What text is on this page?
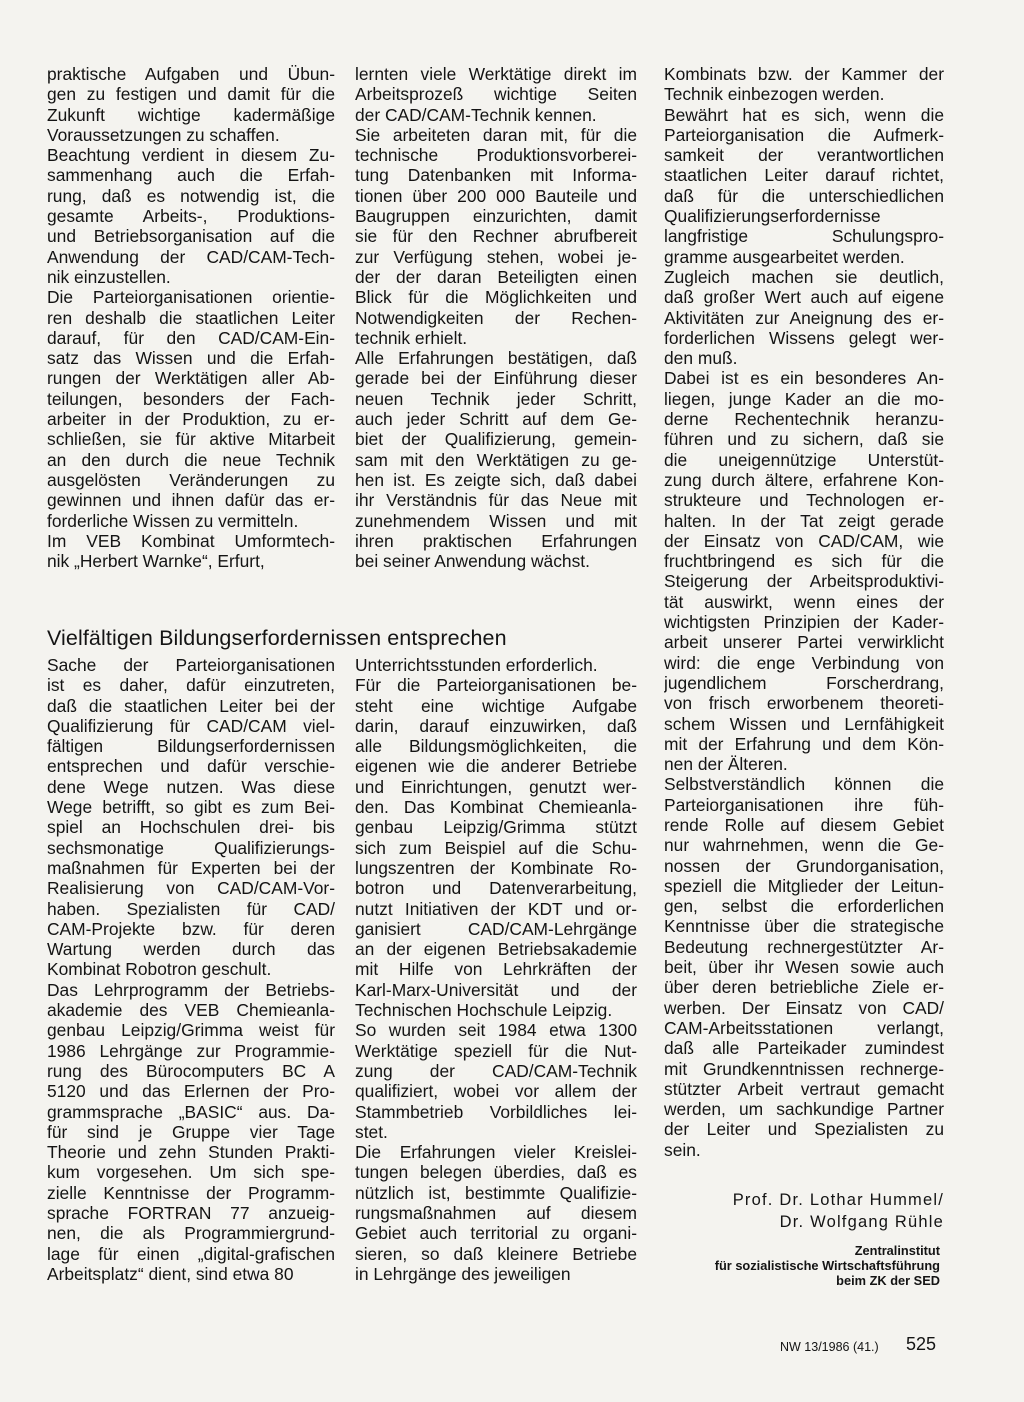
praktische Aufgaben und Übun-
gen zu festigen und damit für die
Zukunft wichtige kadermäßige
Voraussetzungen zu schaffen.
Beachtung verdient in diesem Zu-
sammenhang auch die Erfah-
rung, daß es notwendig ist, die
gesamte Arbeits-, Produktions-
und Betriebsorganisation auf die
Anwendung der CAD/CAM-Tech-
nik einzustellen.
Die Parteiorganisationen orientie-
ren deshalb die staatlichen Leiter
darauf, für den CAD/CAM-Ein-
satz das Wissen und die Erfah-
rungen der Werktätigen aller Ab-
teilungen, besonders der Fach-
arbeiter in der Produktion, zu er-
schließen, sie für aktive Mitarbeit
an den durch die neue Technik
ausgelösten Veränderungen zu
gewinnen und ihnen dafür das er-
forderliche Wissen zu vermitteln.
Im VEB Kombinat Umformtech-
nik „Herbert Warnke“, Erfurt,
lernten viele Werktätige direkt im
Arbeitsprozeß wichtige Seiten
der CAD/CAM-Technik kennen.
Sie arbeiteten daran mit, für die
technische Produktionsvorberei-
tung Datenbanken mit Informa-
tionen über 200 000 Bauteile und
Baugruppen einzurichten, damit
sie für den Rechner abrufbereit
zur Verfügung stehen, wobei je-
der der daran Beteiligten einen
Blick für die Möglichkeiten und
Notwendigkeiten der Rechen-
technik erhielt.
Alle Erfahrungen bestätigen, daß
gerade bei der Einführung dieser
neuen Technik jeder Schritt,
auch jeder Schritt auf dem Ge-
biet der Qualifizierung, gemein-
sam mit den Werktätigen zu ge-
hen ist. Es zeigte sich, daß dabei
ihr Verständnis für das Neue mit
zunehmendem Wissen und mit
ihren praktischen Erfahrungen
bei seiner Anwendung wächst.
Kombinats bzw. der Kammer der
Technik einbezogen werden.
Bewährt hat es sich, wenn die
Parteiorganisation die Aufmerk-
samkeit der verantwortlichen
staatlichen Leiter darauf richtet,
daß für die unterschiedlichen
Qualifizierungserfordernisse
langfristige Schulungspro-
gramme ausgearbeitet werden.
Zugleich machen sie deutlich,
daß großer Wert auch auf eigene
Aktivitäten zur Aneignung des er-
forderlichen Wissens gelegt wer-
den muß.
Dabei ist es ein besonderes An-
liegen, junge Kader an die mo-
derne Rechentechnik heranzu-
führen und zu sichern, daß sie
die uneigennützige Unterstüt-
zung durch ältere, erfahrene Kon-
strukteure und Technologen er-
halten. In der Tat zeigt gerade
der Einsatz von CAD/CAM, wie
fruchtbringend es sich für die
Steigerung der Arbeitsproduktivi-
tät auswirkt, wenn eines der
wichtigsten Prinzipien der Kader-
arbeit unserer Partei verwirklicht
wird: die enge Verbindung von
jugendlichem Forscherdrang,
von frisch erworbenem theoreti-
schem Wissen und Lernfähigkeit
mit der Erfahrung und dem Kön-
nen der Älteren.
Selbstverständlich können die
Parteiorganisationen ihre füh-
rende Rolle auf diesem Gebiet
nur wahrnehmen, wenn die Ge-
nossen der Grundorganisation,
speziell die Mitglieder der Leitun-
gen, selbst die erforderlichen
Kenntnisse über die strategische
Bedeutung rechnergestützter Ar-
beit, über ihr Wesen sowie auch
über deren betriebliche Ziele er-
werben. Der Einsatz von CAD/
CAM-Arbeitsstationen verlangt,
daß alle Parteikader zumindest
mit Grundkenntnissen rechnerge-
stützter Arbeit vertraut gemacht
werden, um sachkundige Partner
der Leiter und Spezialisten zu
sein.
Vielfältigen Bildungserfordernissen entsprechen
Sache der Parteiorganisationen
ist es daher, dafür einzutreten,
daß die staatlichen Leiter bei der
Qualifizierung für CAD/CAM viel-
fältigen Bildungserfordernissen
entsprechen und dafür verschie-
dene Wege nutzen. Was diese
Wege betrifft, so gibt es zum Bei-
spiel an Hochschulen drei- bis
sechsmonatige Qualifizierungs-
maßnahmen für Experten bei der
Realisierung von CAD/CAM-Vor-
haben. Spezialisten für CAD/
CAM-Projekte bzw. für deren
Wartung werden durch das
Kombinat Robotron geschult.
Das Lehrprogramm der Betriebs-
akademie des VEB Chemieanla-
genbau Leipzig/Grimma weist für
1986 Lehrgänge zur Programmie-
rung des Bürocomputers BC A
5120 und das Erlernen der Pro-
grammsprache „BASIC“ aus. Da-
für sind je Gruppe vier Tage
Theorie und zehn Stunden Prakti-
kum vorgesehen. Um sich spe-
zielle Kenntnisse der Programm-
sprache FORTRAN 77 anzueig-
nen, die als Programmiergrund-
lage für einen „digital-grafischen
Arbeitsplatz“ dient, sind etwa 80
Unterrichtsstunden erforderlich.
Für die Parteiorganisationen be-
steht eine wichtige Aufgabe
darin, darauf einzuwirken, daß
alle Bildungsmöglichkeiten, die
eigenen wie die anderer Betriebe
und Einrichtungen, genutzt wer-
den. Das Kombinat Chemieanla-
genbau Leipzig/Grimma stützt
sich zum Beispiel auf die Schu-
lungszentren der Kombinate Ro-
botron und Datenverarbeitung,
nutzt Initiativen der KDT und or-
ganisiert CAD/CAM-Lehrgänge
an der eigenen Betriebsakademie
mit Hilfe von Lehrkräften der
Karl-Marx-Universität und der
Technischen Hochschule Leipzig.
So wurden seit 1984 etwa 1300
Werktätige speziell für die Nut-
zung der CAD/CAM-Technik
qualifiziert, wobei vor allem der
Stammbetrieb Vorbildliches lei-
stet.
Die Erfahrungen vieler Kreislei-
tungen belegen überdies, daß es
nützlich ist, bestimmte Qualifizie-
rungsmaßnahmen auf diesem
Gebiet auch territorial zu organi-
sieren, so daß kleinere Betriebe
in Lehrgänge des jeweiligen
Prof. Dr. Lothar Hummel/
Dr. Wolfgang Rühle
Zentralinstitut
für sozialistische Wirtschaftsführung
beim ZK der SED
NW 13/1986 (41.) 525
